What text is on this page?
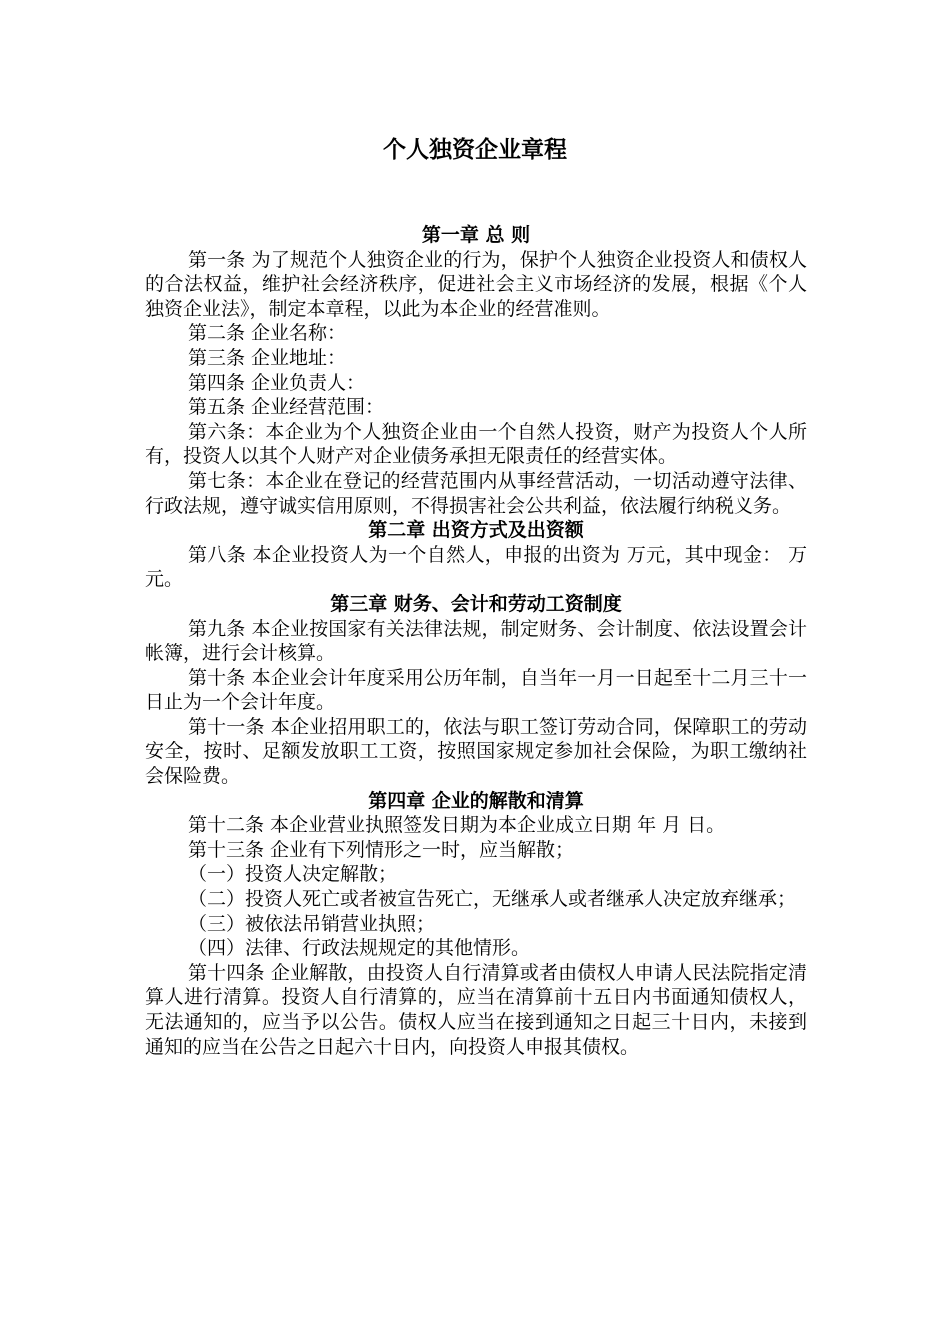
个人独资企业章程

第一章 总 则

第一条 为了规范个人独资企业的行为，保护个人独资企业投资人和债权人的合法权益，维护社会经济秩序，促进社会主义市场经济的发展，根据《个人独资企业法》，制定本章程，以此为本企业的经营准则。

第二条 企业名称：

第三条 企业地址：

第四条 企业负责人：

第五条 企业经营范围：

第六条：本企业为个人独资企业由一个自然人投资，财产为投资人个人所有，投资人以其个人财产对企业债务承担无限责任的经营实体。

第七条：本企业在登记的经营范围内从事经营活动，一切活动遵守法律、行政法规，遵守诚实信用原则，不得损害社会公共利益，依法履行纳税义务。

第二章 出资方式及出资额

第八条 本企业投资人为一个自然人，申报的出资为 万元，其中现金： 万元。

第三章 财务、会计和劳动工资制度

第九条 本企业按国家有关法律法规，制定财务、会计制度、依法设置会计帐簿，进行会计核算。

第十条 本企业会计年度采用公历年制，自当年一月一日起至十二月三十一日止为一个会计年度。

第十一条 本企业招用职工的，依法与职工签订劳动合同，保障职工的劳动安全，按时、足额发放职工工资，按照国家规定参加社会保险，为职工缴纳社会保险费。

第四章 企业的解散和清算

第十二条 本企业营业执照签发日期为本企业成立日期 年 月 日。

第十三条 企业有下列情形之一时，应当解散；

（一）投资人决定解散；

（二）投资人死亡或者被宣告死亡，无继承人或者继承人决定放弃继承；

（三）被依法吊销营业执照；

（四）法律、行政法规规定的其他情形。

第十四条 企业解散，由投资人自行清算或者由债权人申请人民法院指定清算人进行清算。投资人自行清算的，应当在清算前十五日内书面通知债权人，无法通知的，应当予以公告。债权人应当在接到通知之日起三十日内，未接到通知的应当在公告之日起六十日内，向投资人申报其债权。
